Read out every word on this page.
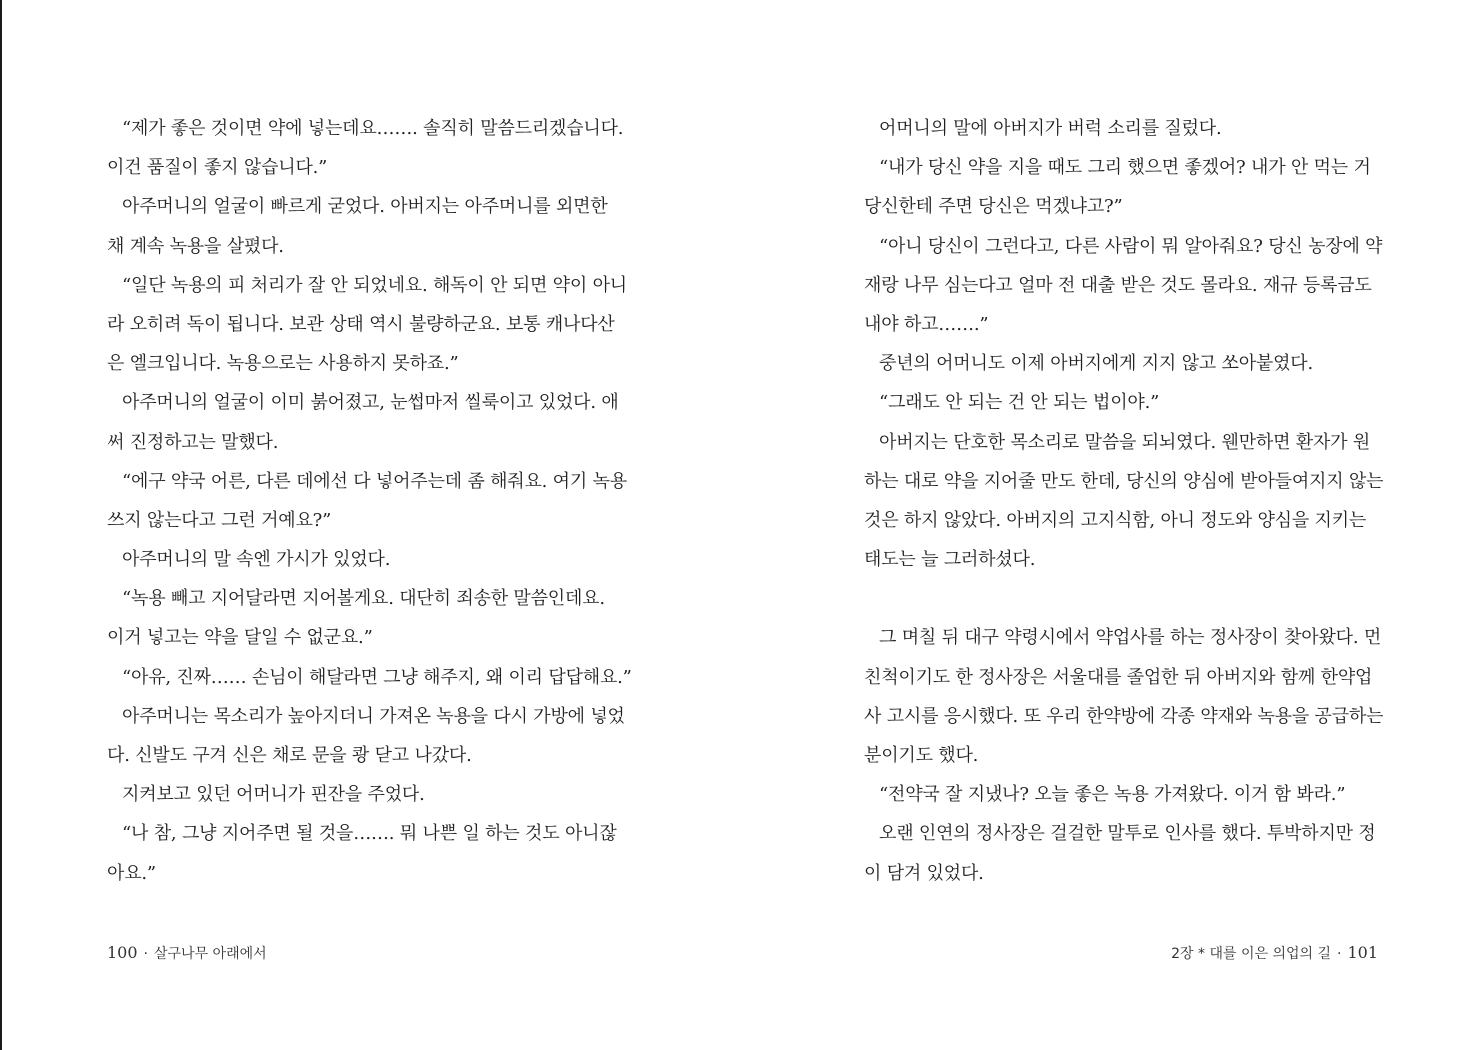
“제가 좋은 것이면 약에 넣는데요……. 솔직히 말씀드리겠습니다.
이건 품질이 좋지 않습니다.”
아주머니의 얼굴이 빠르게 굳었다. 아버지는 아주머니를 외면한
채 계속 녹용을 살폈다.
“일단 녹용의 피 처리가 잘 안 되었네요. 해독이 안 되면 약이 아니
라 오히려 독이 됩니다. 보관 상태 역시 불량하군요. 보통 캐나다산
은 엘크입니다. 녹용으로는 사용하지 못하죠.”
아주머니의 얼굴이 이미 붉어졌고, 눈썹마저 씰룩이고 있었다. 애
써 진정하고는 말했다.
“에구 약국 어른, 다른 데에선 다 넣어주는데 좀 해줘요. 여기 녹용
쓰지 않는다고 그런 거예요?”
아주머니의 말 속엔 가시가 있었다.
“녹용 빼고 지어달라면 지어볼게요. 대단히 죄송한 말씀인데요.
이거 넣고는 약을 달일 수 없군요.”
“아유, 진짜…… 손님이 해달라면 그냥 해주지, 왜 이리 답답해요.”
아주머니는 목소리가 높아지더니 가져온 녹용을 다시 가방에 넣었
다. 신발도 구겨 신은 채로 문을 쾅 닫고 나갔다.
지켜보고 있던 어머니가 핀잔을 주었다.
“나 참, 그냥 지어주면 될 것을……. 뭐 나쁜 일 하는 것도 아니잖
아요.”
어머니의 말에 아버지가 버럭 소리를 질렀다.
“내가 당신 약을 지을 때도 그리 했으면 좋겠어? 내가 안 먹는 거
당신한테 주면 당신은 먹겠냐고?”
“아니 당신이 그런다고, 다른 사람이 뭐 알아줘요? 당신 농장에 약
재랑 나무 심는다고 얼마 전 대출 받은 것도 몰라요. 재규 등록금도
내야 하고…….”
중년의 어머니도 이제 아버지에게 지지 않고 쏘아붙였다.
“그래도 안 되는 건 안 되는 법이야.”
아버지는 단호한 목소리로 말씀을 되뇌였다. 웬만하면 환자가 원
하는 대로 약을 지어줄 만도 한데, 당신의 양심에 받아들여지지 않는
것은 하지 않았다. 아버지의 고지식함, 아니 정도와 양심을 지키는
태도는 늘 그러하셨다.
그 며칠 뒤 대구 약령시에서 약업사를 하는 정사장이 찾아왔다. 먼
친척이기도 한 정사장은 서울대를 졸업한 뒤 아버지와 함께 한약업
사 고시를 응시했다. 또 우리 한약방에 각종 약재와 녹용을 공급하는
분이기도 했다.
“전약국 잘 지냈나? 오늘 좋은 녹용 가져왔다. 이거 함 봐라.”
오랜 인연의 정사장은 걸걸한 말투로 인사를 했다. 투박하지만 정
이 담겨 있었다.
100 · 살구나무 아래에서	2장 * 대를 이은 의업의 길 · 101
